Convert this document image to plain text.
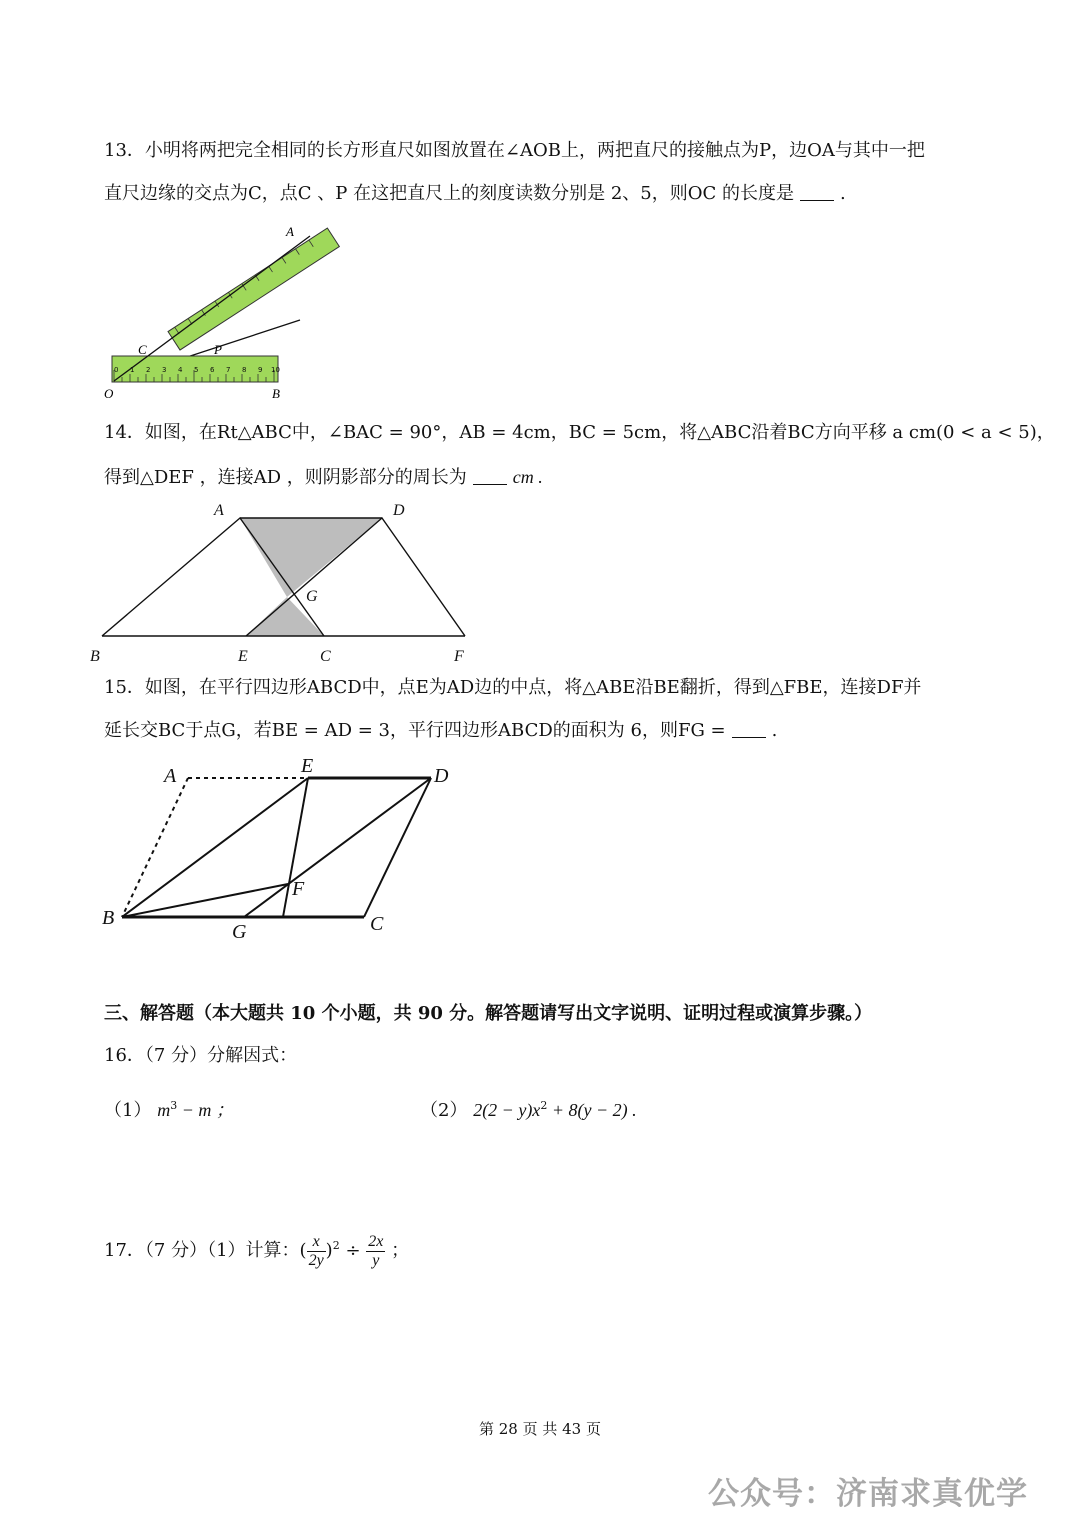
13．小明将两把完全相同的长方形直尺如图放置在∠AOB上，两把直尺的接触点为P，边OA与其中一把
直尺边缘的交点为C，点C 、P 在这把直尺上的刻度读数分别是 2、5，则OC 的长度是	.
0 1 2 3 4 5 6 7 8 9 10
A
C	P
O	B
14．如图，在Rt△ABC中，∠BAC = 90°，AB = 4cm，BC = 5cm，将△ABC沿着BC方向平移 a cm(0 < a < 5)，
得到△DEF ，连接AD ，则阴影部分的周长为	cm .
A	D
G
B	E	C	F
15．如图，在平行四边形ABCD中，点E为AD边的中点，将△ABE沿BE翻折，得到△FBE，连接DF并
延长交BC于点G，若BE = AD = 3，平行四边形ABCD的面积为 6，则FG =	.
A	E	D
F
B
G	C
三、解答题（本大题共 10 个小题，共 90 分。解答题请写出文字说明、证明过程或演算步骤。）
16．（7 分）分解因式：
（1） $m^3 - m$ ；	（2） $2(2 - y)x^2 + 8(y - 2)$ .
17．（7 分）（1）计算：( $\frac{x}{2y} )^2 \div \frac{2x}{y}$ ；
第 28 页 共 43 页
公众号：济南求真优学
